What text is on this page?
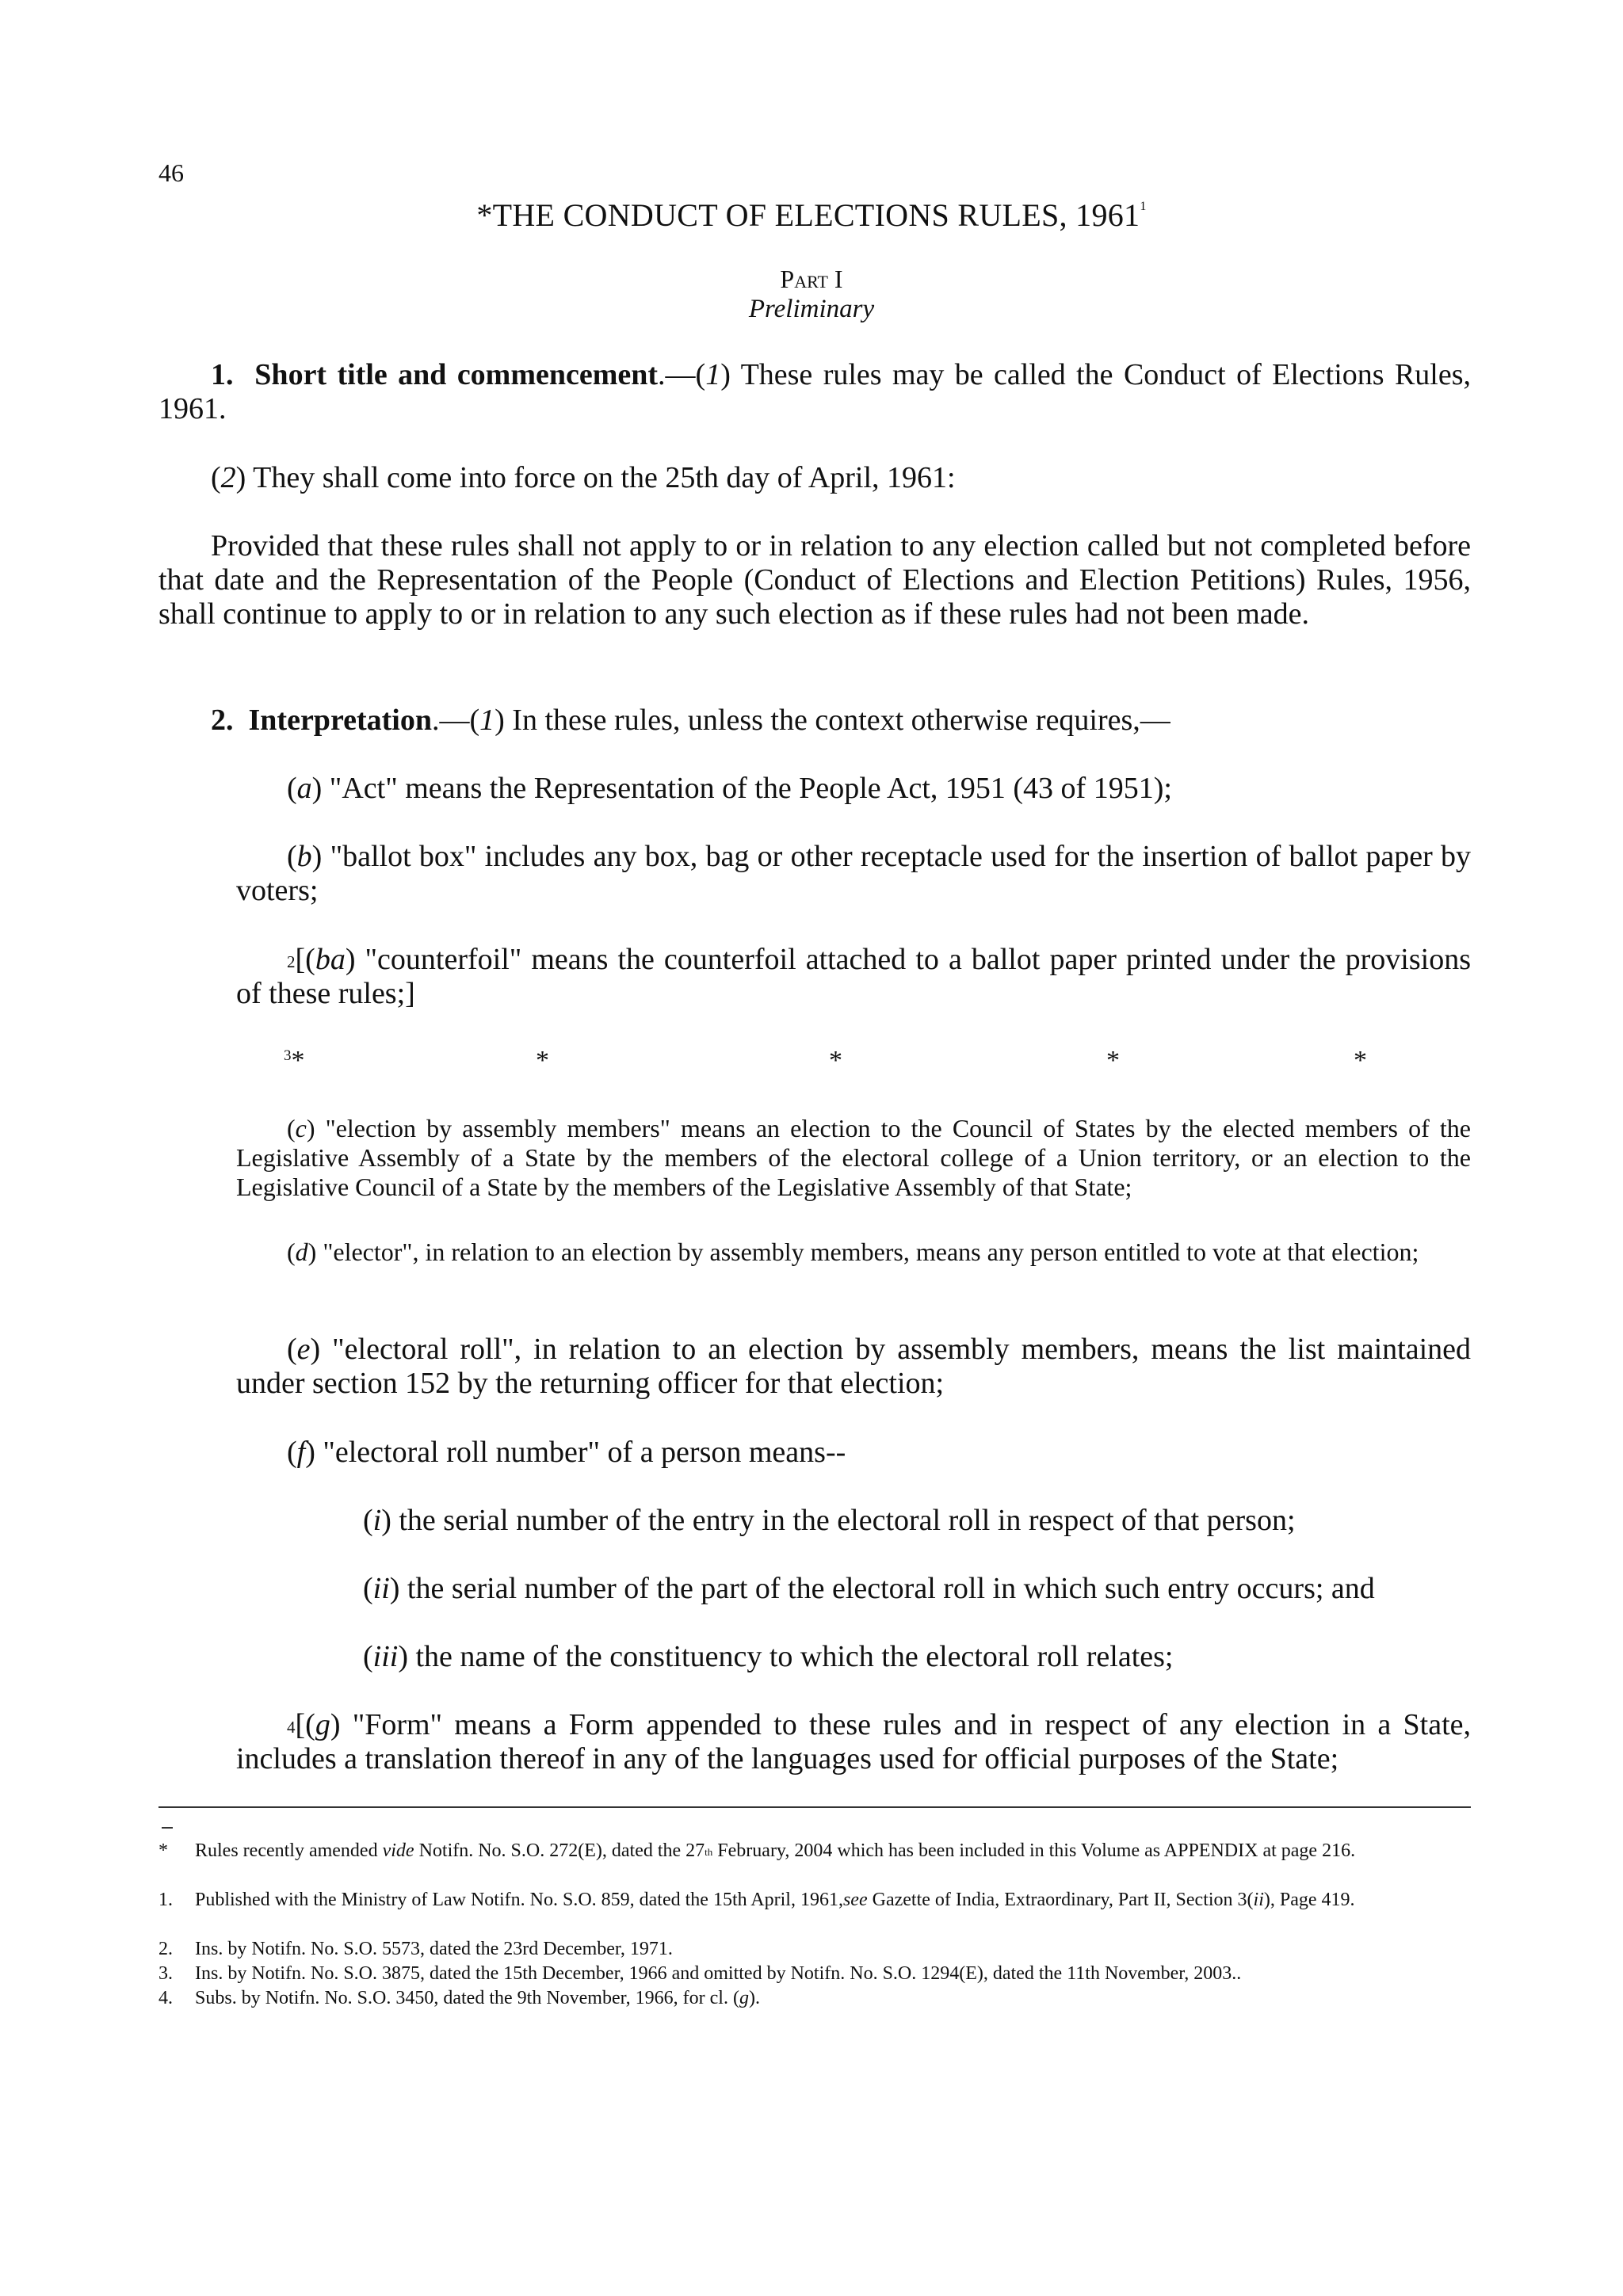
46
*THE CONDUCT OF ELECTIONS RULES, 1961$^1$
Part I
Preliminary
1. Short title and commencement.—(1) These rules may be called the Conduct of Elections Rules, 1961.
(2) They shall come into force on the 25th day of April, 1961:
Provided that these rules shall not apply to or in relation to any election called but not completed before that date and the Representation of the People (Conduct of Elections and Election Petitions) Rules, 1956, shall continue to apply to or in relation to any such election as if these rules had not been made.
2. Interpretation.—(1) In these rules, unless the context otherwise requires,—
(a) "Act" means the Representation of the People Act, 1951 (43 of 1951);
(b) "ballot box" includes any box, bag or other receptacle used for the insertion of ballot paper by voters;
$^2$[(ba) "counterfoil" means the counterfoil attached to a ballot paper printed under the provisions of these rules;]
$^3$*	*	*	*	*
(c) "election by assembly members" means an election to the Council of States by the elected members of the Legislative Assembly of a State by the members of the electoral college of a Union territory, or an election to the Legislative Council of a State by the members of the Legislative Assembly of that State;
(d) "elector", in relation to an election by assembly members, means any person entitled to vote at that election;
(e) "electoral roll", in relation to an election by assembly members, means the list maintained under section 152 by the returning officer for that election;
(f) "electoral roll number" of a person means--
(i) the serial number of the entry in the electoral roll in respect of that person;
(ii) the serial number of the part of the electoral roll in which such entry occurs; and
(iii) the name of the constituency to which the electoral roll relates;
$^4$[(g) "Form" means a Form appended to these rules and in respect of any election in a State, includes a translation thereof in any of the languages used for official purposes of the State;
*	Rules recently amended vide Notifn. No. S.O. 272(E), dated the 27th February, 2004 which has been included in this Volume as APPENDIX at page 216.
1.	Published with the Ministry of Law Notifn. No. S.O. 859, dated the 15th April, 1961,see Gazette of India, Extraordinary, Part II, Section 3(ii), Page 419.
2.	Ins. by Notifn. No. S.O. 5573, dated the 23rd December, 1971.
3.	Ins. by Notifn. No. S.O. 3875, dated the 15th December, 1966 and omitted by Notifn. No. S.O. 1294(E), dated the 11th November, 2003..
4.	Subs. by Notifn. No. S.O. 3450, dated the 9th November, 1966, for cl. (g).
